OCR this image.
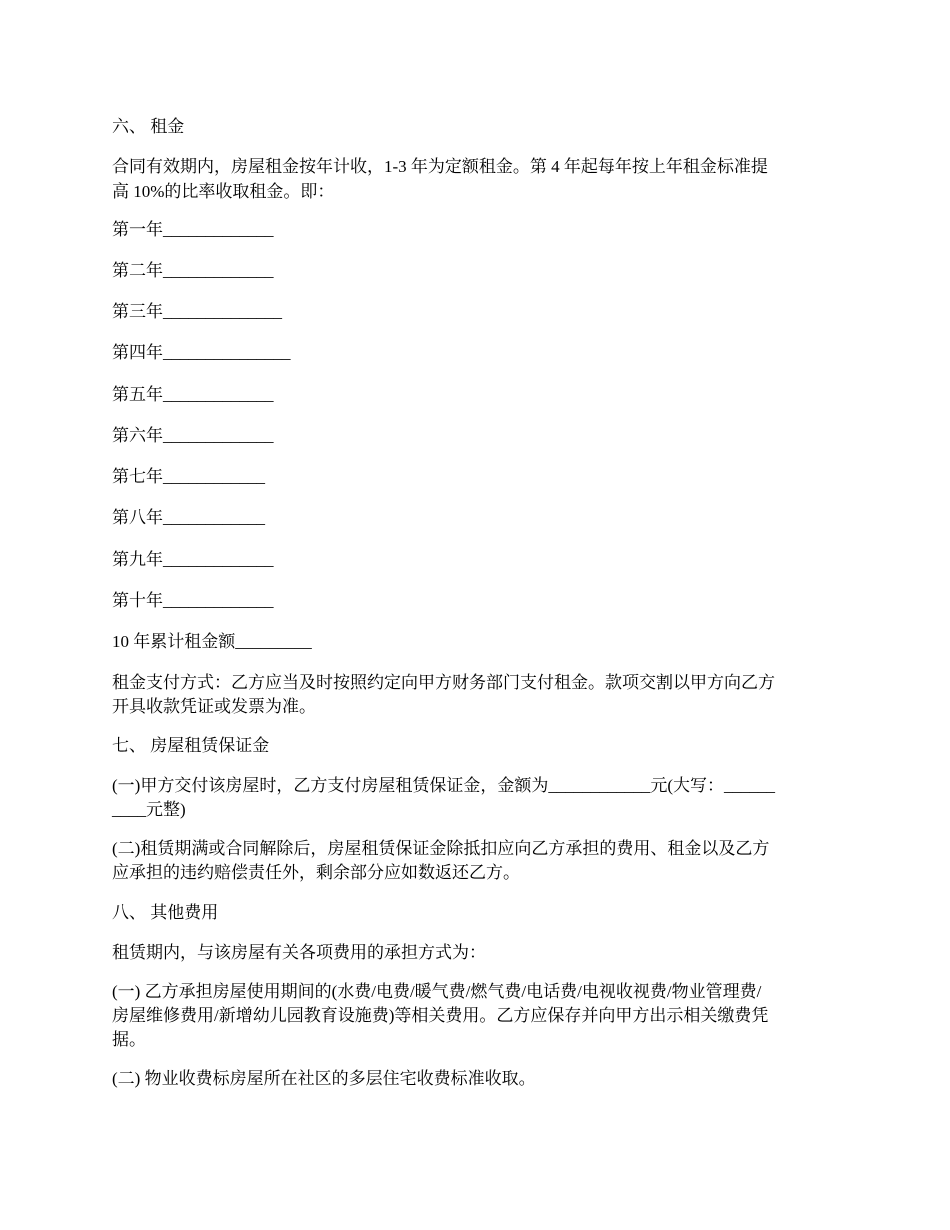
六、 租金

合同有效期内，房屋租金按年计收，1-3 年为定额租金。第 4 年起每年按上年租金标准提

高 10%的比率收取租金。即：

第一年_____________

第二年_____________

第三年______________

第四年_______________

第五年_____________

第六年_____________

第七年____________

第八年____________

第九年_____________

第十年_____________

10 年累计租金额_________

租金支付方式：乙方应当及时按照约定向甲方财务部门支付租金。款项交割以甲方向乙方

开具收款凭证或发票为准。

七、 房屋租赁保证金

(一)甲方交付该房屋时，乙方支付房屋租赁保证金，金额为____________元(大写：______

____元整)

(二)租赁期满或合同解除后，房屋租赁保证金除抵扣应向乙方承担的费用、租金以及乙方

应承担的违约赔偿责任外，剩余部分应如数返还乙方。

八、 其他费用

租赁期内，与该房屋有关各项费用的承担方式为：

(一) 乙方承担房屋使用期间的(水费/电费/暖气费/燃气费/电话费/电视收视费/物业管理费/

房屋维修费用/新增幼儿园教育设施费)等相关费用。乙方应保存并向甲方出示相关缴费凭

据。

(二) 物业收费标房屋所在社区的多层住宅收费标准收取。
